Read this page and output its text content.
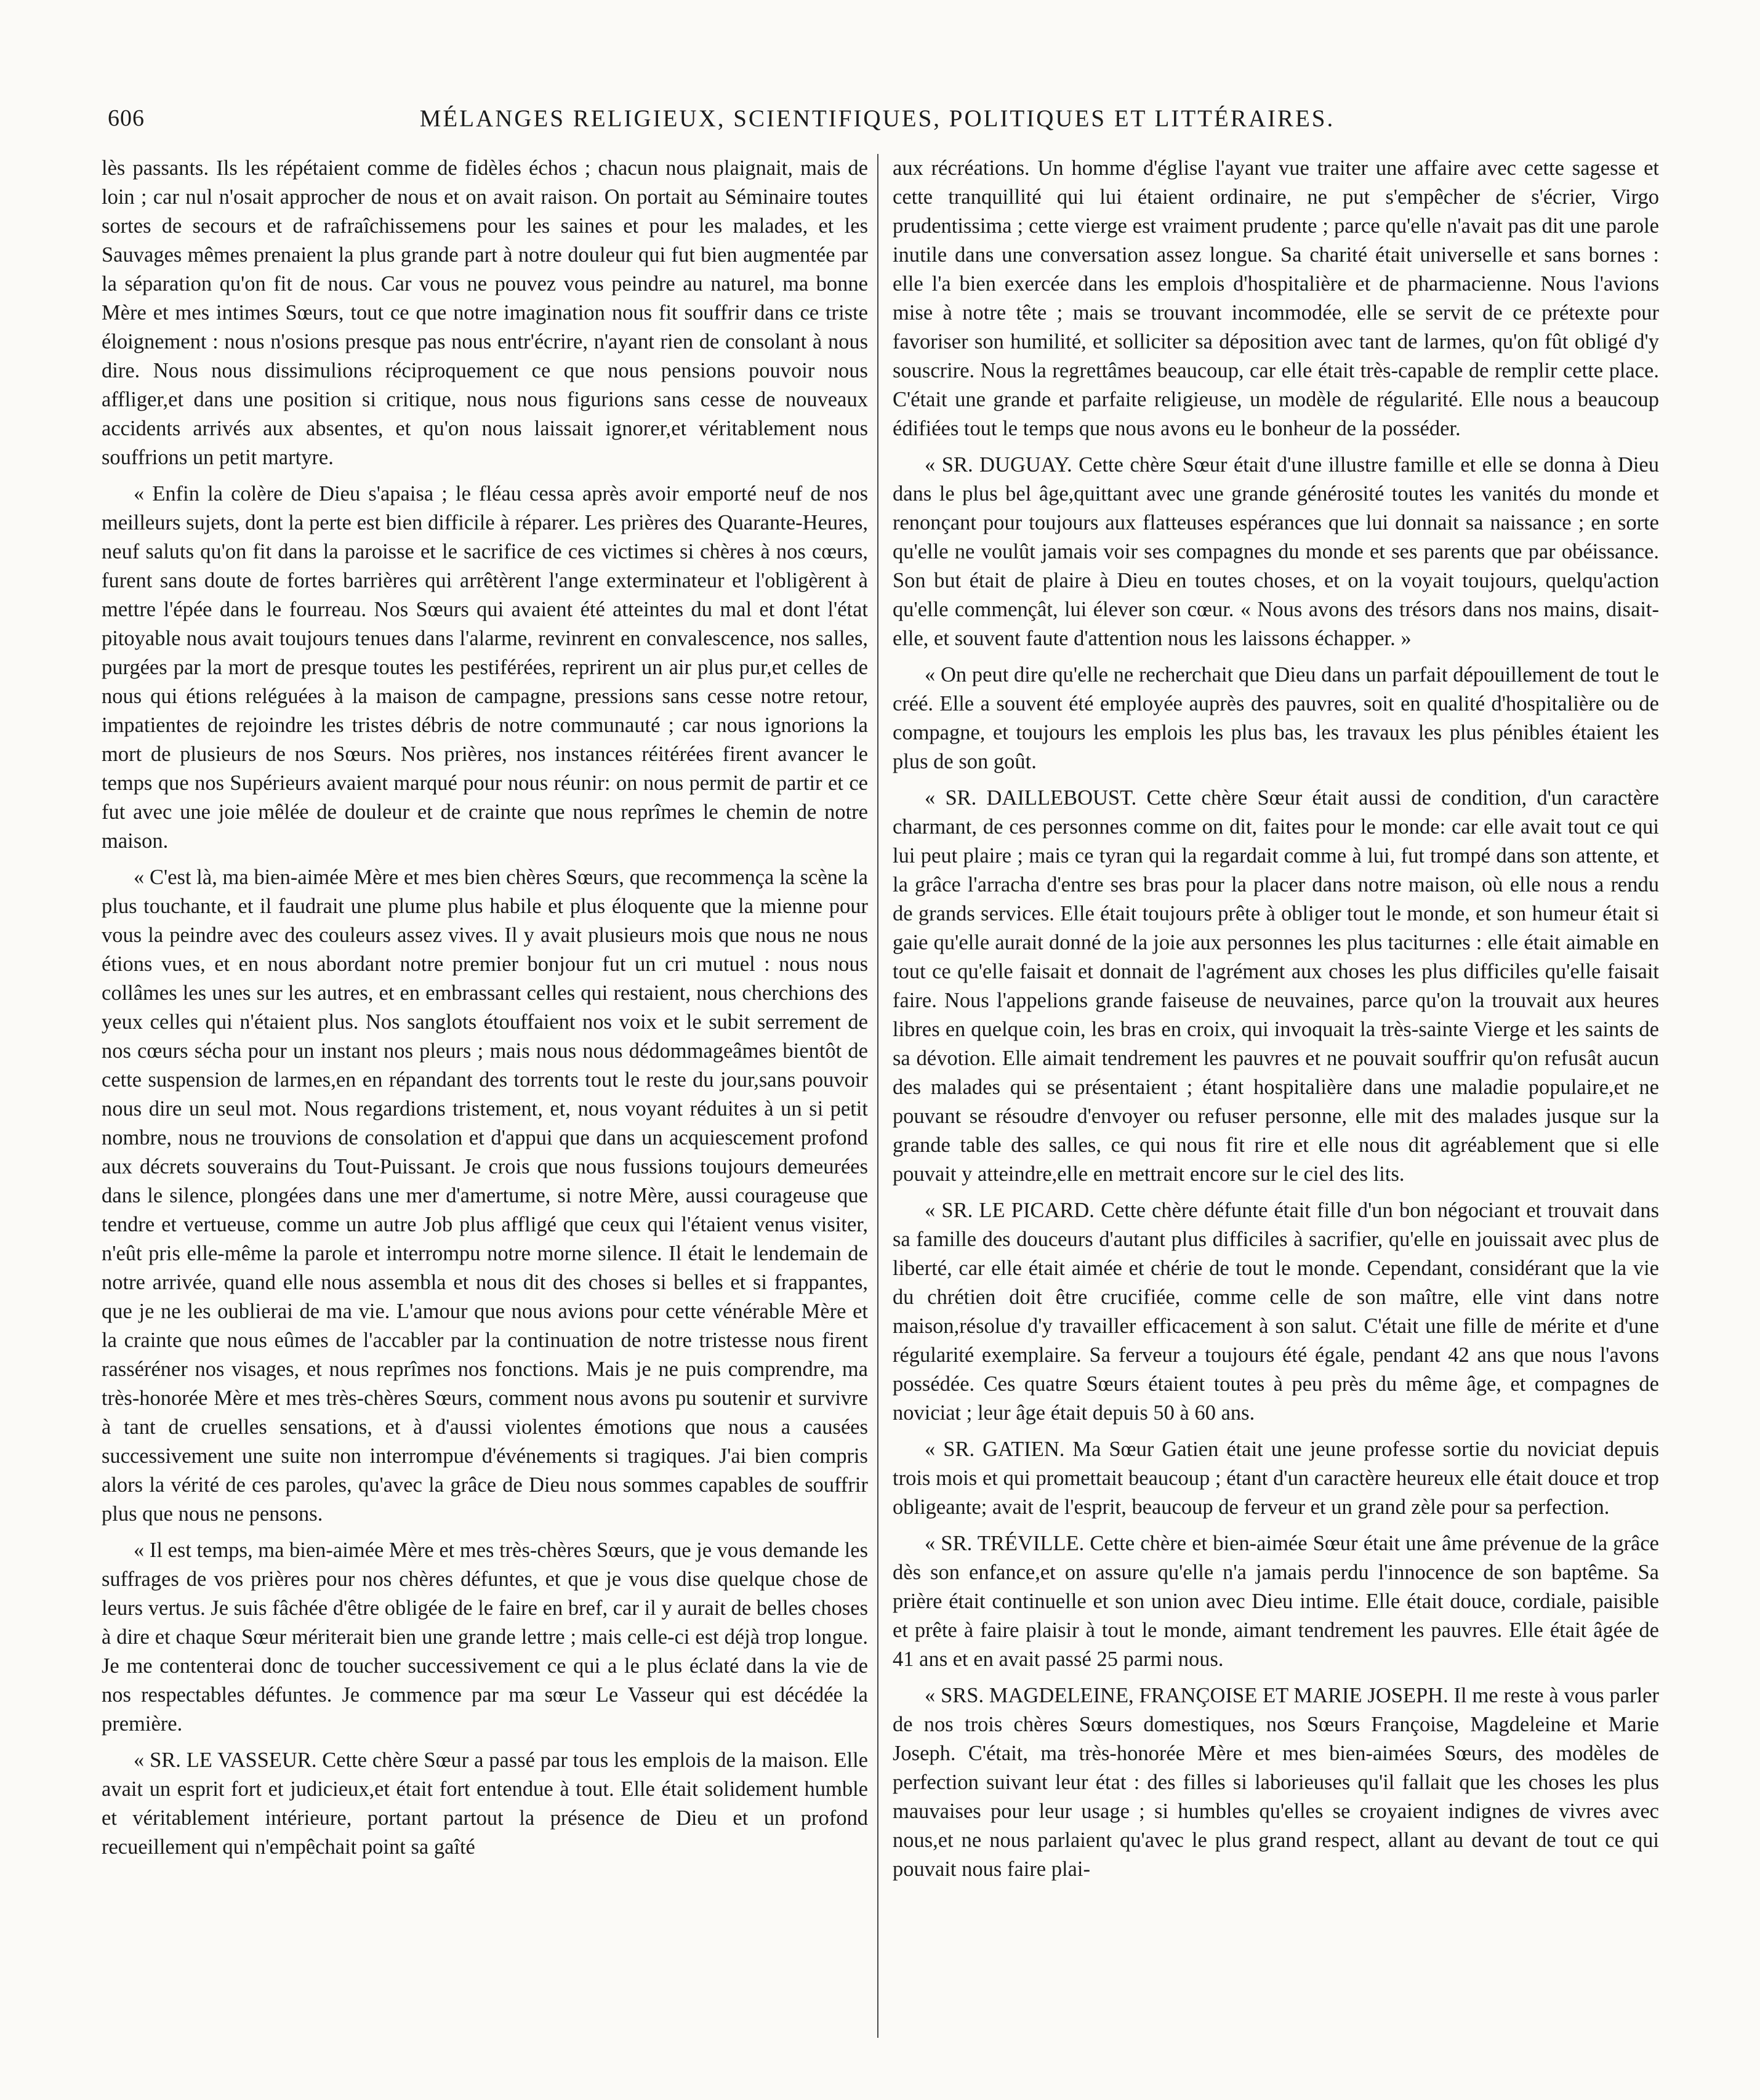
606	MÉLANGES RELIGIEUX, SCIENTIFIQUES, POLITIQUES ET LITTÉRAIRES.

lès passants. Ils les répétaient comme de fidèles échos ; chacun nous plaignait, mais de loin ; car nul n'osait approcher de nous et on avait raison. On portait au Séminaire toutes sortes de secours et de rafraîchissemens pour les saines et pour les malades, et les Sauvages mêmes prenaient la plus grande part à notre douleur qui fut bien augmentée par la séparation qu'on fit de nous. Car vous ne pouvez vous peindre au naturel, ma bonne Mère et mes intimes Sœurs, tout ce que notre imagination nous fit souffrir dans ce triste éloignement : nous n'osions presque pas nous entr'écrire, n'ayant rien de consolant à nous dire. Nous nous dissimulions réciproquement ce que nous pensions pouvoir nous affliger,et dans une position si critique, nous nous figurions sans cesse de nouveaux accidents arrivés aux absentes, et qu'on nous laissait ignorer,et véritablement nous souffrions un petit martyre.

« Enfin la colère de Dieu s'apaisa ; le fléau cessa après avoir emporté neuf de nos meilleurs sujets, dont la perte est bien difficile à réparer. Les prières des Quarante-Heures, neuf saluts qu'on fit dans la paroisse et le sacrifice de ces victimes si chères à nos cœurs, furent sans doute de fortes barrières qui arrêtèrent l'ange exterminateur et l'obligèrent à mettre l'épée dans le fourreau. Nos Sœurs qui avaient été atteintes du mal et dont l'état pitoyable nous avait toujours tenues dans l'alarme, revinrent en convalescence, nos salles, purgées par la mort de presque toutes les pestiférées, reprirent un air plus pur,et celles de nous qui étions reléguées à la maison de campagne, pressions sans cesse notre retour, impatientes de rejoindre les tristes débris de notre communauté ; car nous ignorions la mort de plusieurs de nos Sœurs. Nos prières, nos instances réitérées firent avancer le temps que nos Supérieurs avaient marqué pour nous réunir: on nous permit de partir et ce fut avec une joie mêlée de douleur et de crainte que nous reprîmes le chemin de notre maison.

« C'est là, ma bien-aimée Mère et mes bien chères Sœurs, que recommença la scène la plus touchante, et il faudrait une plume plus habile et plus éloquente que la mienne pour vous la peindre avec des couleurs assez vives. Il y avait plusieurs mois que nous ne nous étions vues, et en nous abordant notre premier bonjour fut un cri mutuel : nous nous collâmes les unes sur les autres, et en embrassant celles qui restaient, nous cherchions des yeux celles qui n'étaient plus. Nos sanglots étouffaient nos voix et le subit serrement de nos cœurs sécha pour un instant nos pleurs ; mais nous nous dédommageâmes bientôt de cette suspension de larmes,en en répandant des torrents tout le reste du jour,sans pouvoir nous dire un seul mot. Nous regardions tristement, et, nous voyant réduites à un si petit nombre, nous ne trouvions de consolation et d'appui que dans un acquiescement profond aux décrets souverains du Tout-Puissant. Je crois que nous fussions toujours demeurées dans le silence, plongées dans une mer d'amertume, si notre Mère, aussi courageuse que tendre et vertueuse, comme un autre Job plus affligé que ceux qui l'étaient venus visiter, n'eût pris elle-même la parole et interrompu notre morne silence. Il était le lendemain de notre arrivée, quand elle nous assembla et nous dit des choses si belles et si frappantes, que je ne les oublierai de ma vie. L'amour que nous avions pour cette vénérable Mère et la crainte que nous eûmes de l'accabler par la continuation de notre tristesse nous firent rasséréner nos visages, et nous reprîmes nos fonctions. Mais je ne puis comprendre, ma très-honorée Mère et mes très-chères Sœurs, comment nous avons pu soutenir et survivre à tant de cruelles sensations, et à d'aussi violentes émotions que nous a causées successivement une suite non interrompue d'événements si tragiques. J'ai bien compris alors la vérité de ces paroles, qu'avec la grâce de Dieu nous sommes capables de souffrir plus que nous ne pensons.

« Il est temps, ma bien-aimée Mère et mes très-chères Sœurs, que je vous demande les suffrages de vos prières pour nos chères défuntes, et que je vous dise quelque chose de leurs vertus. Je suis fâchée d'être obligée de le faire en bref, car il y aurait de belles choses à dire et chaque Sœur mériterait bien une grande lettre ; mais celle-ci est déjà trop longue. Je me contenterai donc de toucher successivement ce qui a le plus éclaté dans la vie de nos respectables défuntes. Je commence par ma sœur Le Vasseur qui est décédée la première.

« SR. LE VASSEUR. Cette chère Sœur a passé par tous les emplois de la maison. Elle avait un esprit fort et judicieux,et était fort entendue à tout. Elle était solidement humble et véritablement intérieure, portant partout la présence de Dieu et un profond recueillement qui n'empêchait point sa gaîté

aux récréations. Un homme d'église l'ayant vue traiter une affaire avec cette sagesse et cette tranquillité qui lui étaient ordinaire, ne put s'empêcher de s'écrier, Virgo prudentissima ; cette vierge est vraiment prudente ; parce qu'elle n'avait pas dit une parole inutile dans une conversation assez longue. Sa charité était universelle et sans bornes : elle l'a bien exercée dans les emplois d'hospitalière et de pharmacienne. Nous l'avions mise à notre tête ; mais se trouvant incommodée, elle se servit de ce prétexte pour favoriser son humilité, et solliciter sa déposition avec tant de larmes, qu'on fût obligé d'y souscrire. Nous la regrettâmes beaucoup, car elle était très-capable de remplir cette place. C'était une grande et parfaite religieuse, un modèle de régularité. Elle nous a beaucoup édifiées tout le temps que nous avons eu le bonheur de la posséder.

« SR. DUGUAY. Cette chère Sœur était d'une illustre famille et elle se donna à Dieu dans le plus bel âge,quittant avec une grande générosité toutes les vanités du monde et renonçant pour toujours aux flatteuses espérances que lui donnait sa naissance ; en sorte qu'elle ne voulût jamais voir ses compagnes du monde et ses parents que par obéissance. Son but était de plaire à Dieu en toutes choses, et on la voyait toujours, quelqu'action qu'elle commençât, lui élever son cœur. « Nous avons des trésors dans nos mains, disait-elle, et souvent faute d'attention nous les laissons échapper. »

« On peut dire qu'elle ne recherchait que Dieu dans un parfait dépouillement de tout le créé. Elle a souvent été employée auprès des pauvres, soit en qualité d'hospitalière ou de compagne, et toujours les emplois les plus bas, les travaux les plus pénibles étaient les plus de son goût.

« SR. DAILLEBOUST. Cette chère Sœur était aussi de condition, d'un caractère charmant, de ces personnes comme on dit, faites pour le monde: car elle avait tout ce qui lui peut plaire ; mais ce tyran qui la regardait comme à lui, fut trompé dans son attente, et la grâce l'arracha d'entre ses bras pour la placer dans notre maison, où elle nous a rendu de grands services. Elle était toujours prête à obliger tout le monde, et son humeur était si gaie qu'elle aurait donné de la joie aux personnes les plus taciturnes : elle était aimable en tout ce qu'elle faisait et donnait de l'agrément aux choses les plus difficiles qu'elle faisait faire. Nous l'appelions grande faiseuse de neuvaines, parce qu'on la trouvait aux heures libres en quelque coin, les bras en croix, qui invoquait la très-sainte Vierge et les saints de sa dévotion. Elle aimait tendrement les pauvres et ne pouvait souffrir qu'on refusât aucun des malades qui se présentaient ; étant hospitalière dans une maladie populaire,et ne pouvant se résoudre d'envoyer ou refuser personne, elle mit des malades jusque sur la grande table des salles, ce qui nous fit rire et elle nous dit agréablement que si elle pouvait y atteindre,elle en mettrait encore sur le ciel des lits.

« SR. LE PICARD. Cette chère défunte était fille d'un bon négociant et trouvait dans sa famille des douceurs d'autant plus difficiles à sacrifier, qu'elle en jouissait avec plus de liberté, car elle était aimée et chérie de tout le monde. Cependant, considérant que la vie du chrétien doit être crucifiée, comme celle de son maître, elle vint dans notre maison,résolue d'y travailler efficacement à son salut. C'était une fille de mérite et d'une régularité exemplaire. Sa ferveur a toujours été égale, pendant 42 ans que nous l'avons possédée. Ces quatre Sœurs étaient toutes à peu près du même âge, et compagnes de noviciat ; leur âge était depuis 50 à 60 ans.

« SR. GATIEN. Ma Sœur Gatien était une jeune professe sortie du noviciat depuis trois mois et qui promettait beaucoup ; étant d'un caractère heureux elle était douce et trop obligeante; avait de l'esprit, beaucoup de ferveur et un grand zèle pour sa perfection.

« SR. TRÉVILLE. Cette chère et bien-aimée Sœur était une âme prévenue de la grâce dès son enfance,et on assure qu'elle n'a jamais perdu l'innocence de son baptême. Sa prière était continuelle et son union avec Dieu intime. Elle était douce, cordiale, paisible et prête à faire plaisir à tout le monde, aimant tendrement les pauvres. Elle était âgée de 41 ans et en avait passé 25 parmi nous.

« SRS. MAGDELEINE, FRANÇOISE ET MARIE JOSEPH. Il me reste à vous parler de nos trois chères Sœurs domestiques, nos Sœurs Françoise, Magdeleine et Marie Joseph. C'était, ma très-honorée Mère et mes bien-aimées Sœurs, des modèles de perfection suivant leur état : des filles si laborieuses qu'il fallait que les choses les plus mauvaises pour leur usage ; si humbles qu'elles se croyaient indignes de vivres avec nous,et ne nous parlaient qu'avec le plus grand respect, allant au devant de tout ce qui pouvait nous faire plai-
